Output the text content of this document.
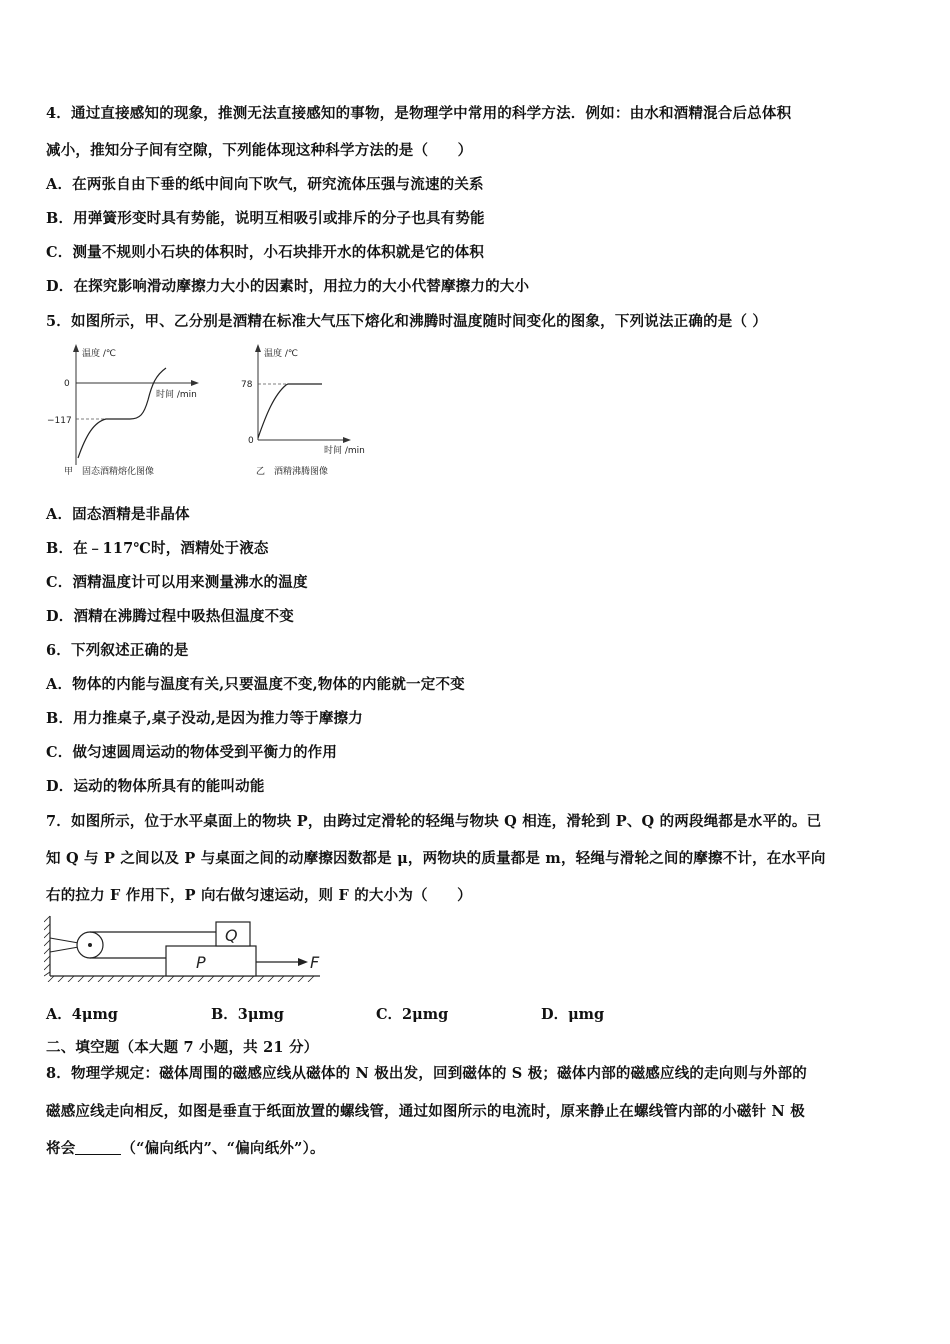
4．通过直接感知的现象，推测无法直接感知的事物，是物理学中常用的科学方法．例如：由水和酒精混合后总体积
减小，推知分子间有空隙，下列能体现这种科学方法的是（　　）
A．在两张自由下垂的纸中间向下吹气，研究流体压强与流速的关系
B．用弹簧形变时具有势能，说明互相吸引或排斥的分子也具有势能
C．测量不规则小石块的体积时，小石块排开水的体积就是它的体积
D．在探究影响滑动摩擦力大小的因素时，用拉力的大小代替摩擦力的大小
5．如图所示，甲、乙分别是酒精在标准大气压下熔化和沸腾时温度随时间变化的图象，下列说法正确的是（ ）
温度 /℃
时间 /min
0
−117
甲　固态酒精熔化图像
温度 /℃
时间 /min
78
0
乙　酒精沸腾图像
A．固态酒精是非晶体
B．在﹣117℃时，酒精处于液态
C．酒精温度计可以用来测量沸水的温度
D．酒精在沸腾过程中吸热但温度不变
6．下列叙述正确的是
A．物体的内能与温度有关,只要温度不变,物体的内能就一定不变
B．用力推桌子,桌子没动,是因为推力等于摩擦力
C．做匀速圆周运动的物体受到平衡力的作用
D．运动的物体所具有的能叫动能
7．如图所示，位于水平桌面上的物块 P，由跨过定滑轮的轻绳与物块 Q 相连，滑轮到 P、Q 的两段绳都是水平的。已
知 Q 与 P 之间以及 P 与桌面之间的动摩擦因数都是 μ，两物块的质量都是 m，轻绳与滑轮之间的摩擦不计，在水平向
右的拉力 F 作用下，P 向右做匀速运动，则 F 的大小为（　　）
P
Q
F
A．4μmg	B．3μmg	C．2μmg	D．μmg
二、填空题（本大题 7 小题，共 21 分）
8．物理学规定：磁体周围的磁感应线从磁体的 N 极出发，回到磁体的 S 极；磁体内部的磁感应线的走向则与外部的
磁感应线走向相反，如图是垂直于纸面放置的螺线管，通过如图所示的电流时，原来静止在螺线管内部的小磁针 N 极
将会	（“偏向纸内”、“偏向纸外”）。
